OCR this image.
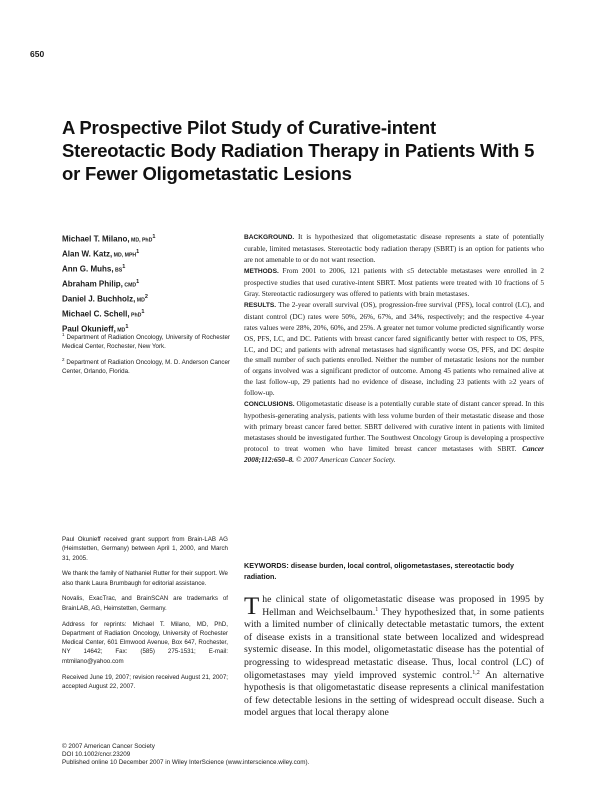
650
A Prospective Pilot Study of Curative-intent Stereotactic Body Radiation Therapy in Patients With 5 or Fewer Oligometastatic Lesions
Michael T. Milano, MD, PhD$^1$
Alan W. Katz, MD, MPH$^1$
Ann G. Muhs, $BS^1$
Abraham Philip, CMD$^1$
Daniel J. Buchholz, $MD^2$
Michael C. Schell, PhD$^1$
Paul Okunieff, $MD^1$
$^1$ Department of Radiation Oncology, University of Rochester Medical Center, Rochester, New York.
$^2$ Department of Radiation Oncology, M. D. Anderson Cancer Center, Orlando, Florida.

Paul Okunieff received grant support from Brain-LAB AG (Heimstetten, Germany) between April 1, 2000, and March 31, 2005.

We thank the family of Nathaniel Rutter for their support. We also thank Laura Brumbaugh for editorial assistance.

Novalis, ExacTrac, and BrainSCAN are trademarks of BrainLAB, AG, Heimstetten, Germany.

Address for reprints: Michael T. Milano, MD, PhD, Department of Radiation Oncology, University of Rochester Medical Center, 601 Elmwood Avenue, Box 647, Rochester, NY 14642; Fax: (585) 275-1531; E-mail: mtmilano@yahoo.com

Received June 19, 2007; revision received August 21, 2007; accepted August 22, 2007.

BACKGROUND. It is hypothesized that oligometastatic disease represents a state of potentially curable, limited metastases. Stereotactic body radiation therapy (SBRT) is an option for patients who are not amenable to or do not want resection.

METHODS. From 2001 to 2006, 121 patients with ≤5 detectable metastases were enrolled in 2 prospective studies that used curative-intent SBRT. Most patients were treated with 10 fractions of 5 Gray. Stereotactic radiosurgery was offered to patients with brain metastases.

RESULTS. The 2-year overall survival (OS), progression-free survival (PFS), local control (LC), and distant control (DC) rates were 50%, 26%, 67%, and 34%, respectively; and the respective 4-year rates values were 28%, 20%, 60%, and 25%. A greater net tumor volume predicted significantly worse OS, PFS, LC, and DC. Patients with breast cancer fared significantly better with respect to OS, PFS, LC, and DC; and patients with adrenal metastases had significantly worse OS, PFS, and DC despite the small number of such patients enrolled. Neither the number of metastatic lesions nor the number of organs involved was a significant predictor of outcome. Among 45 patients who remained alive at the last follow-up, 29 patients had no evidence of disease, including 23 patients with ≥2 years of follow-up.

CONCLUSIONS. Oligometastatic disease is a potentially curable state of distant cancer spread. In this hypothesis-generating analysis, patients with less volume burden of their metastatic disease and those with primary breast cancer fared better. SBRT delivered with curative intent in patients with limited metastases should be investigated further. The Southwest Oncology Group is developing a prospective protocol to treat women who have limited breast cancer metastases with SBRT. Cancer 2008;112:650–8. © 2007 American Cancer Society.

KEYWORDS: disease burden, local control, oligometastases, stereotactic body radiation.
The clinical state of oligometastatic disease was proposed in 1995 by Hellman and Weichselbaum.$^1$ They hypothesized that, in some patients with a limited number of clinically detectable metastatic tumors, the extent of disease exists in a transitional state between localized and widespread systemic disease. In this model, oligometastatic disease has the potential of progressing to widespread metastatic disease. Thus, local control (LC) of oligometastases may yield improved systemic control.$^{1,2}$ An alternative hypothesis is that oligometastatic disease represents a clinical manifestation of few detectable lesions in the setting of widespread occult disease. Such a model argues that local therapy alone
© 2007 American Cancer Society
DOI 10.1002/cncr.23209
Published online 10 December 2007 in Wiley InterScience (www.interscience.wiley.com).
